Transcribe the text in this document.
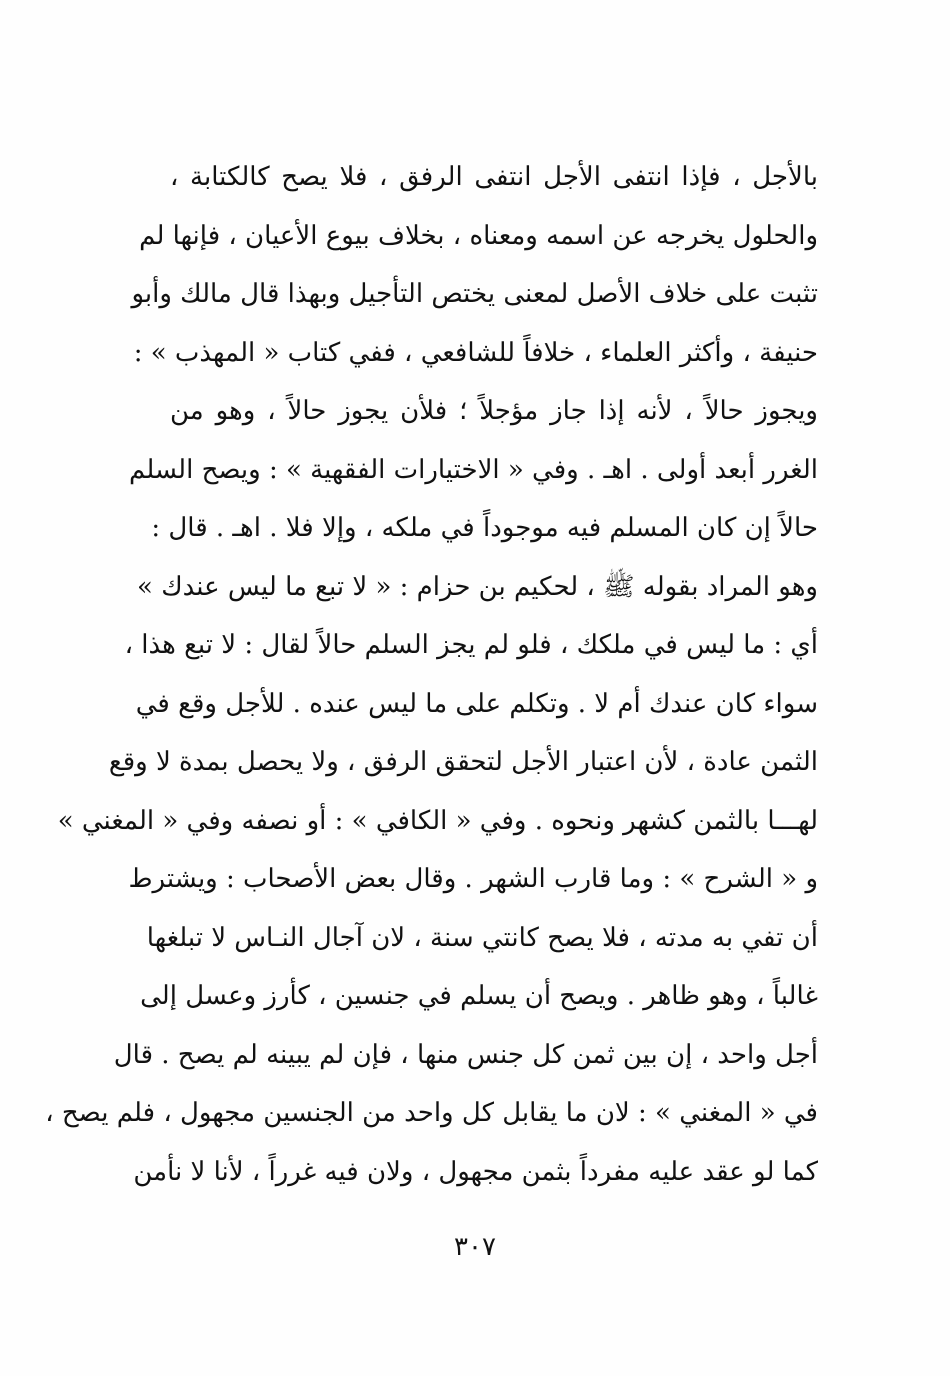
بالأجل ، فإذا انتفى الأجل انتفى الرفق ، فلا يصح كالكتابة ،
والحلول يخرجه عن اسمه ومعناه ، بخلاف بيوع الأعيان ، فإنها لم
تثبت على خلاف الأصل لمعنى يختص التأجيل وبهذا قال مالك وأبو
حنيفة ، وأكثر العلماء ، خلافاً للشافعي ، ففي كتاب « المهذب » :
ويجوز حالاً ، لأنه إذا جاز مؤجلاً ؛ فلأن يجوز حالاً ، وهو من
الغرر أبعد أولى . اهـ . وفي « الاختيارات الفقهية » : ويصح السلم
حالاً إن كان المسلم فيه موجوداً في ملكه ، وإلا فلا . اهـ . قال :
وهو المراد بقوله ﷺ ، لحكيم بن حزام : « لا تبع ما ليس عندك »
أي : ما ليس في ملكك ، فلو لم يجز السلم حالاً لقال : لا تبع هذا ،
سواء كان عندك أم لا . وتكلم على ما ليس عنده . للأجل وقع في
الثمن عادة ، لأن اعتبار الأجل لتحقق الرفق ، ولا يحصل بمدة لا وقع
لهـــا بالثمن كشهر ونحوه . وفي « الكافي » : أو نصفه وفي « المغني »
و « الشرح » : وما قارب الشهر . وقال بعض الأصحاب : ويشترط
أن تفي به مدته ، فلا يصح كانتي سنة ، لان آجال النـاس لا تبلغها
غالباً ، وهو ظاهر . ويصح أن يسلم في جنسين ، كأرز وعسل إلى
أجل واحد ، إن بين ثمن كل جنس منها ، فإن لم يبينه لم يصح . قال
في « المغني » : لان ما يقابل كل واحد من الجنسين مجهول ، فلم يصح ،
كما لو عقد عليه مفرداً بثمن مجهول ، ولان فيه غرراً ، لأنا لا نأمن
٣٠٧
